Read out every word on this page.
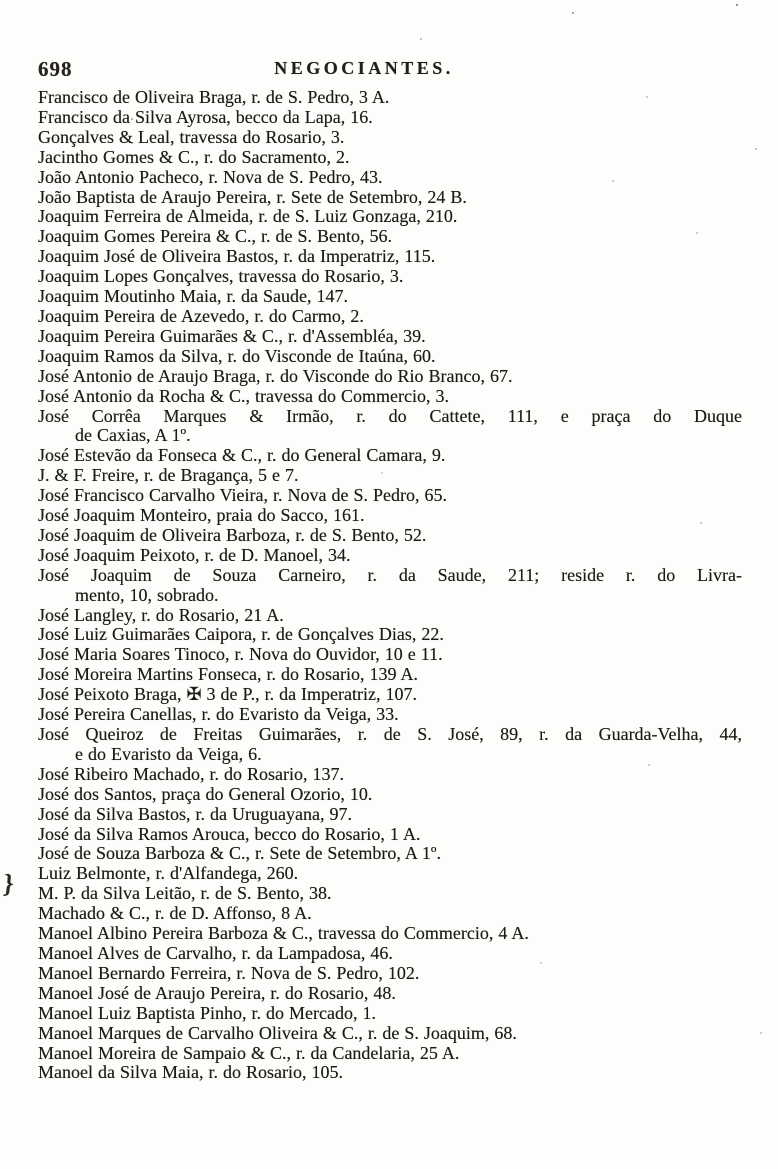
698	NEGOCIANTES.
Francisco de Oliveira Braga, r. de S. Pedro, 3 A.
Francisco da Silva Ayrosa, becco da Lapa, 16.
Gonçalves & Leal, travessa do Rosario, 3.
Jacintho Gomes & C., r. do Sacramento, 2.
João Antonio Pacheco, r. Nova de S. Pedro, 43.
João Baptista de Araujo Pereira, r. Sete de Setembro, 24 B.
Joaquim Ferreira de Almeida, r. de S. Luiz Gonzaga, 210.
Joaquim Gomes Pereira & C., r. de S. Bento, 56.
Joaquim José de Oliveira Bastos, r. da Imperatriz, 115.
Joaquim Lopes Gonçalves, travessa do Rosario, 3.
Joaquim Moutinho Maia, r. da Saude, 147.
Joaquim Pereira de Azevedo, r. do Carmo, 2.
Joaquim Pereira Guimarães & C., r. d'Assembléa, 39.
Joaquim Ramos da Silva, r. do Visconde de Itaúna, 60.
José Antonio de Araujo Braga, r. do Visconde do Rio Branco, 67.
José Antonio da Rocha & C., travessa do Commercio, 3.
José Corrêa Marques & Irmão, r. do Cattete, 111, e praça do Duque
de Caxias, A 1º.
José Estevão da Fonseca & C., r. do General Camara, 9.
J. & F. Freire, r. de Bragança, 5 e 7.
José Francisco Carvalho Vieira, r. Nova de S. Pedro, 65.
José Joaquim Monteiro, praia do Sacco, 161.
José Joaquim de Oliveira Barboza, r. de S. Bento, 52.
José Joaquim Peixoto, r. de D. Manoel, 34.
José Joaquim de Souza Carneiro, r. da Saude, 211; reside r. do Livra-
mento, 10, sobrado.
José Langley, r. do Rosario, 21 A.
José Luiz Guimarães Caipora, r. de Gonçalves Dias, 22.
José Maria Soares Tinoco, r. Nova do Ouvidor, 10 e 11.
José Moreira Martins Fonseca, r. do Rosario, 139 A.
José Peixoto Braga, ✠ 3 de P., r. da Imperatriz, 107.
José Pereira Canellas, r. do Evaristo da Veiga, 33.
José Queiroz de Freitas Guimarães, r. de S. José, 89, r. da Guarda-Velha, 44,
e do Evaristo da Veiga, 6.
José Ribeiro Machado, r. do Rosario, 137.
José dos Santos, praça do General Ozorio, 10.
José da Silva Bastos, r. da Uruguayana, 97.
José da Silva Ramos Arouca, becco do Rosario, 1 A.
José de Souza Barboza & C., r. Sete de Setembro, A 1º.
Luiz Belmonte, r. d'Alfandega, 260.
M. P. da Silva Leitão, r. de S. Bento, 38.
Machado & C., r. de D. Affonso, 8 A.
Manoel Albino Pereira Barboza & C., travessa do Commercio, 4 A.
Manoel Alves de Carvalho, r. da Lampadosa, 46.
Manoel Bernardo Ferreira, r. Nova de S. Pedro, 102.
Manoel José de Araujo Pereira, r. do Rosario, 48.
Manoel Luiz Baptista Pinho, r. do Mercado, 1.
Manoel Marques de Carvalho Oliveira & C., r. de S. Joaquim, 68.
Manoel Moreira de Sampaio & C., r. da Candelaria, 25 A.
Manoel da Silva Maia, r. do Rosario, 105.
}
